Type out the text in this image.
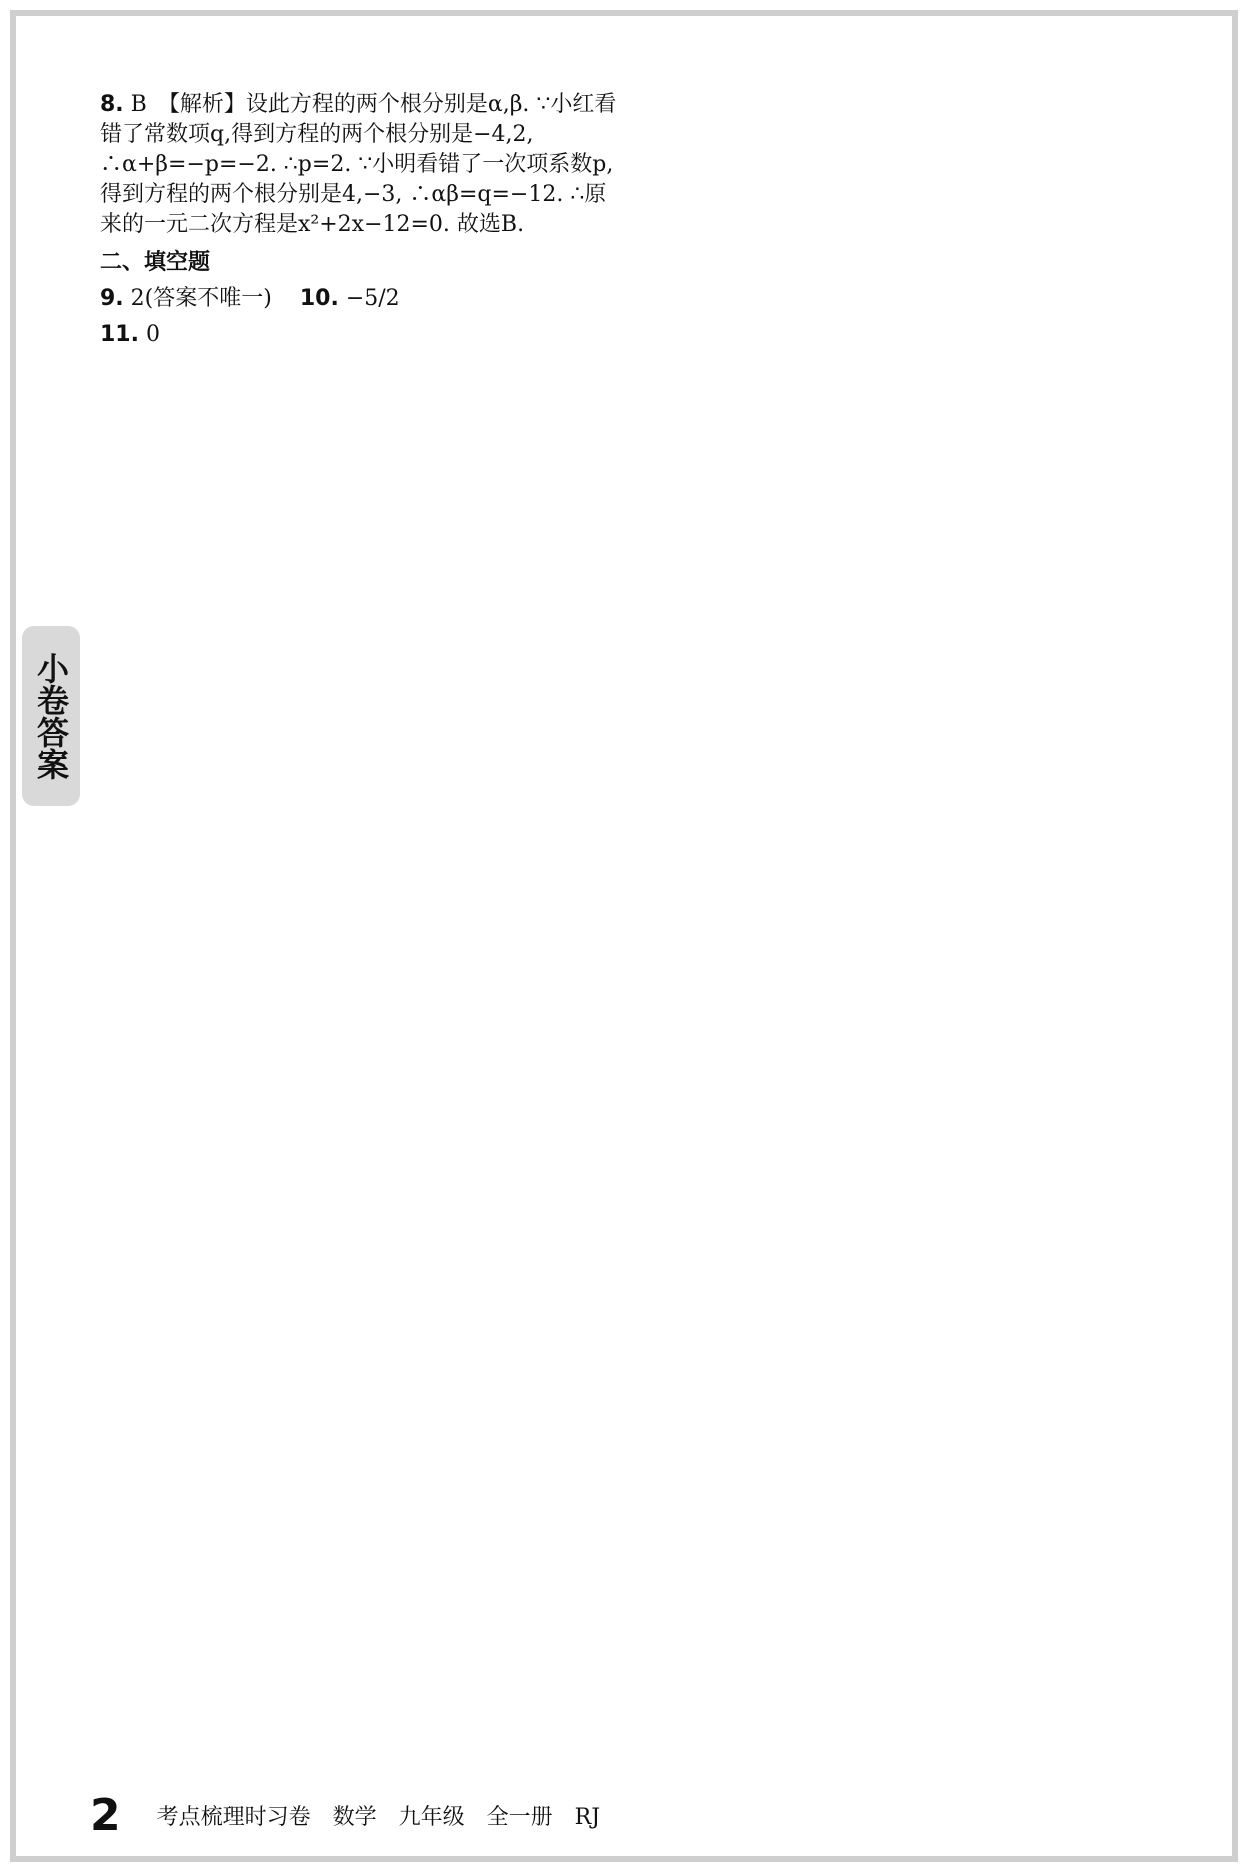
小卷答案
8. B　【解析】设此方程的两个根分别是α,β. ∵小红看错了常数项q,得到方程的两个根分别是−4,2, ∴α+β=−p=−2. ∴p=2. ∵小明看错了一次项系数p,得到方程的两个根分别是4,−3, ∴αβ=q=−12. ∴原来的一元二次方程是x²+2x−12=0. 故选B.
二、填空题
9. 2(答案不唯一) 10. −5/2
11. 0
2 考点梳理时习卷　数学　九年级　全一册　RJ
